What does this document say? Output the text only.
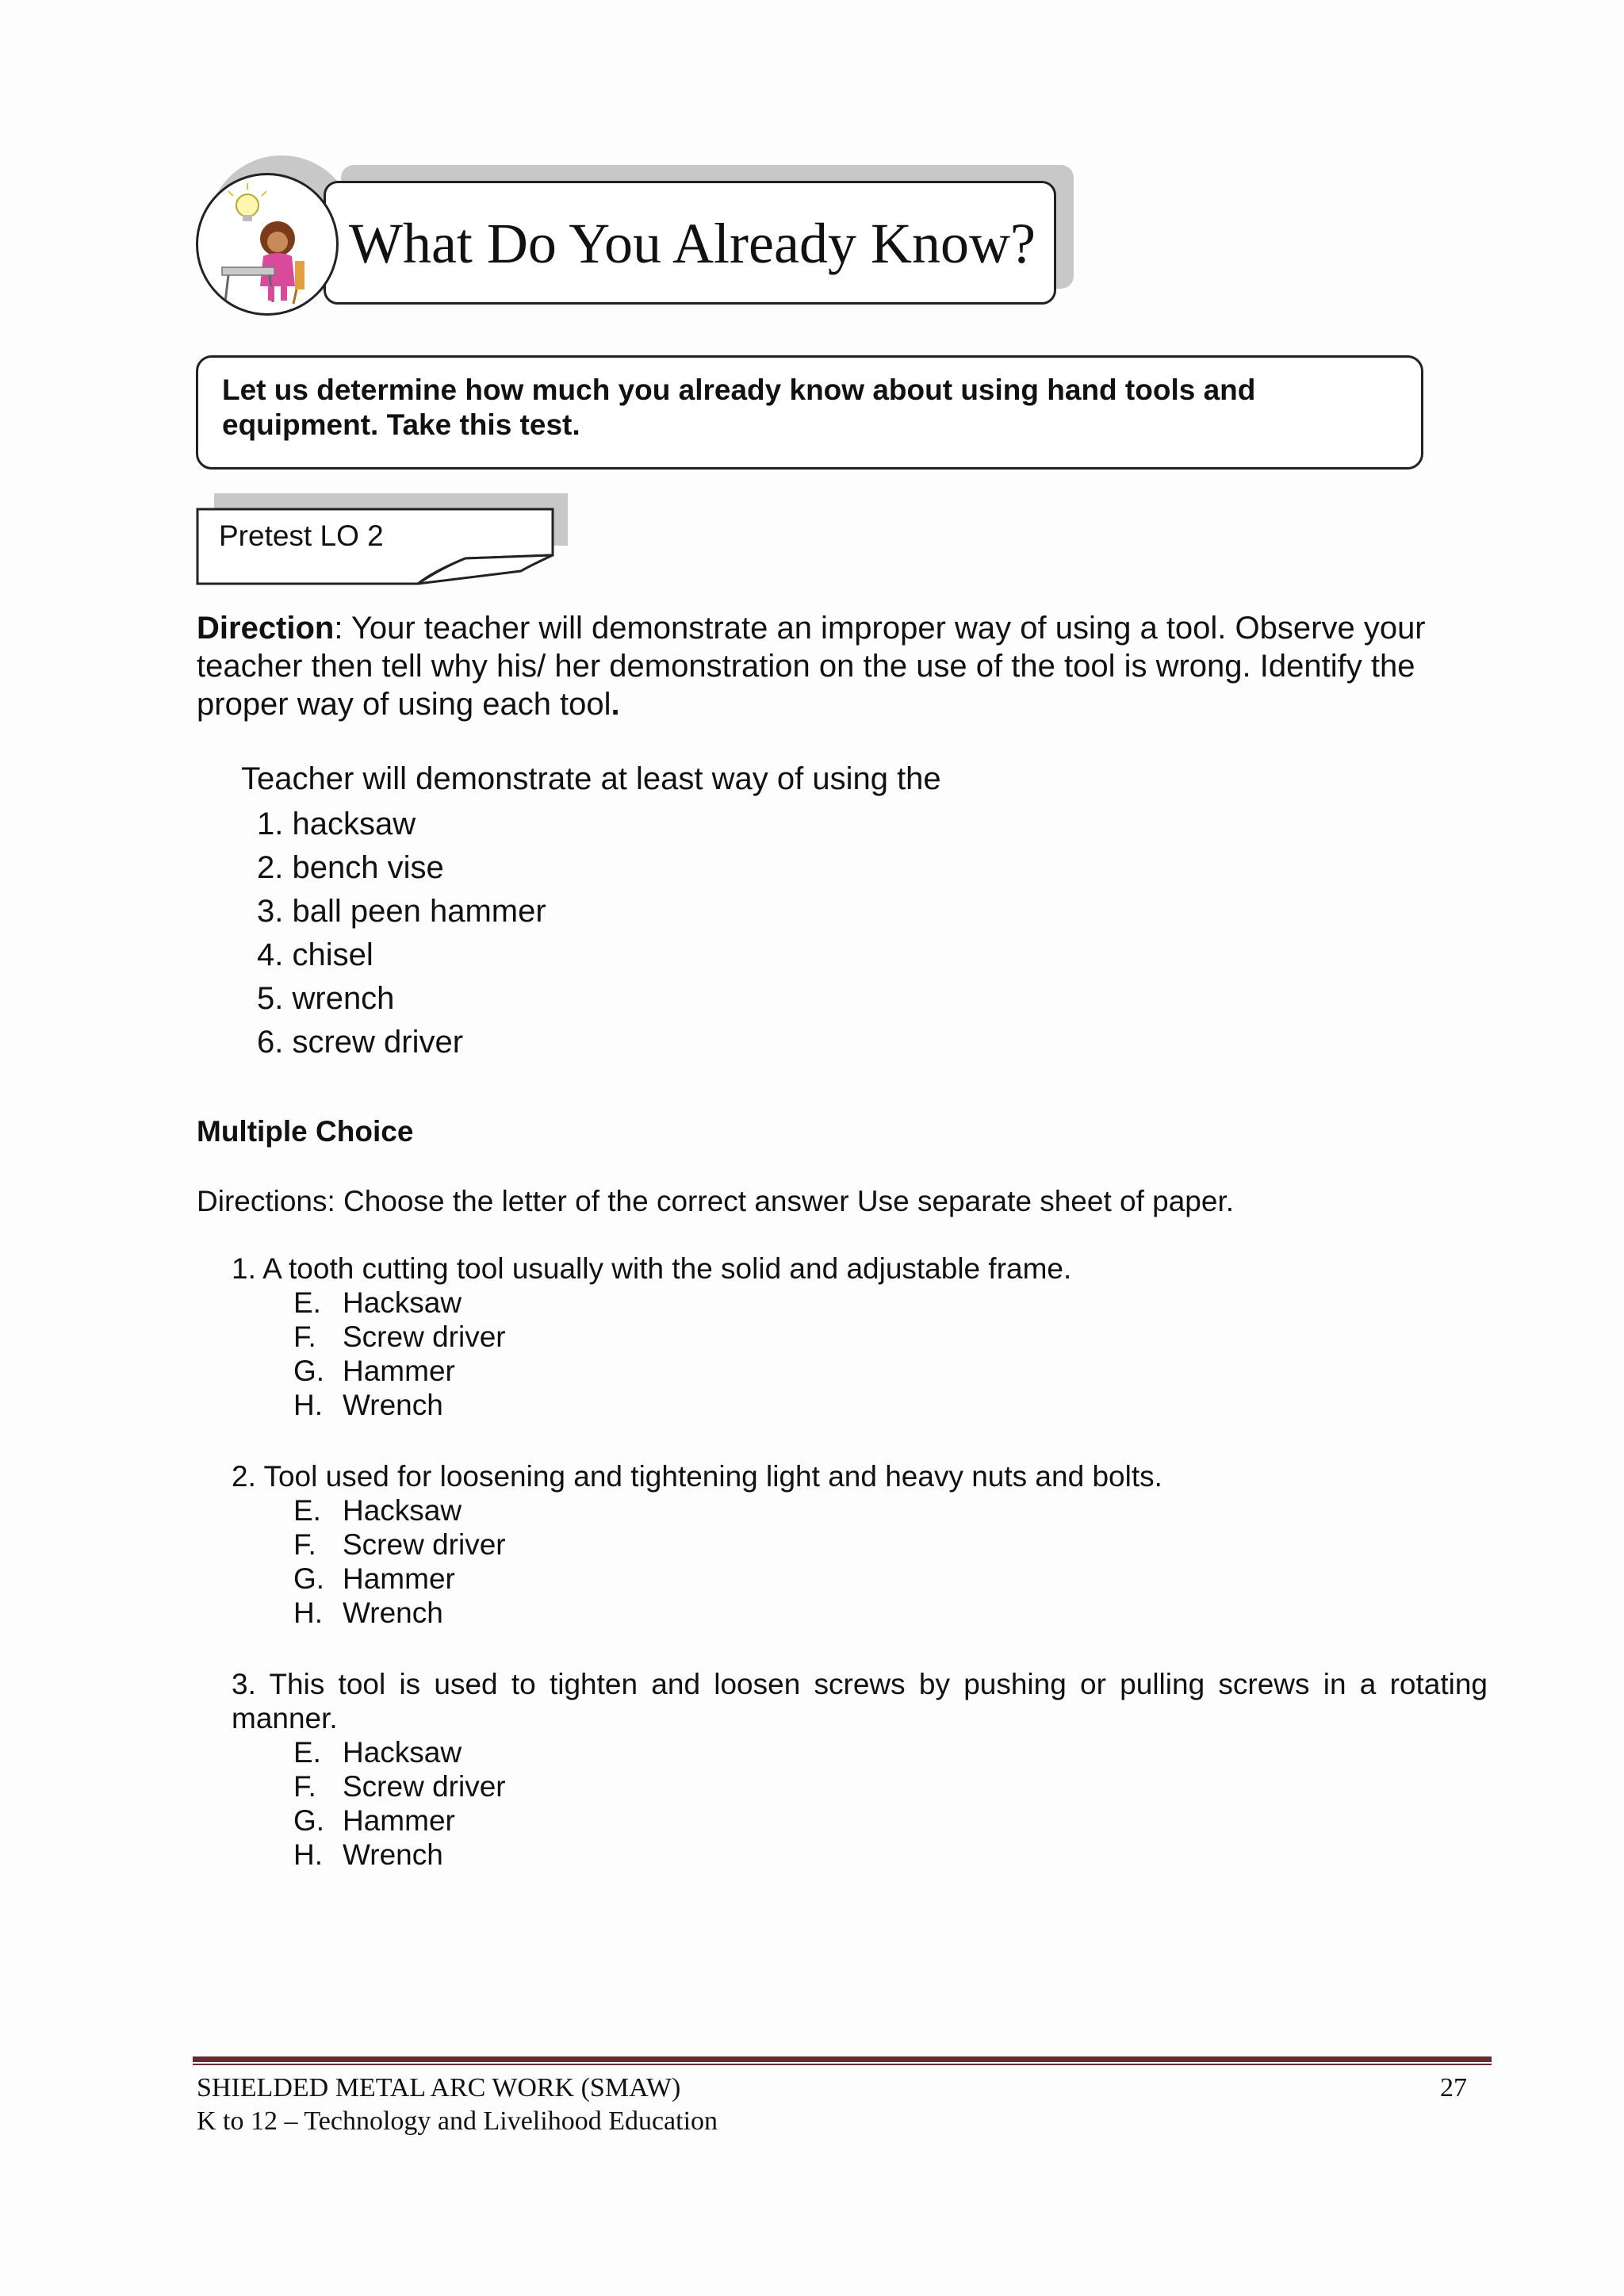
What Do You Already Know?
Let us determine how much you already know about using hand tools and
equipment. Take this test.
Pretest LO 2
Direction: Your teacher will demonstrate an improper way of using a tool. Observe your teacher then tell why his/ her demonstration on the use of the tool is wrong. Identify the proper way of using each tool.
Teacher will demonstrate at least way of using the
1. hacksaw
2. bench vise
3. ball peen hammer
4. chisel
5. wrench
6. screw driver
Multiple Choice
Directions: Choose the letter of the correct answer Use separate sheet of paper.
1. A tooth cutting tool usually with the solid and adjustable frame.
E. Hacksaw
F. Screw driver
G. Hammer
H. Wrench
2. Tool used for loosening and tightening light and heavy nuts and bolts.
E. Hacksaw
F. Screw driver
G. Hammer
H. Wrench
3. This tool is used to tighten and loosen screws by pushing or pulling screws in a rotating
manner.
E. Hacksaw
F. Screw driver
G. Hammer
H. Wrench
SHIELDED METAL ARC WORK (SMAW)
K to 12 – Technology and Livelihood Education
27
